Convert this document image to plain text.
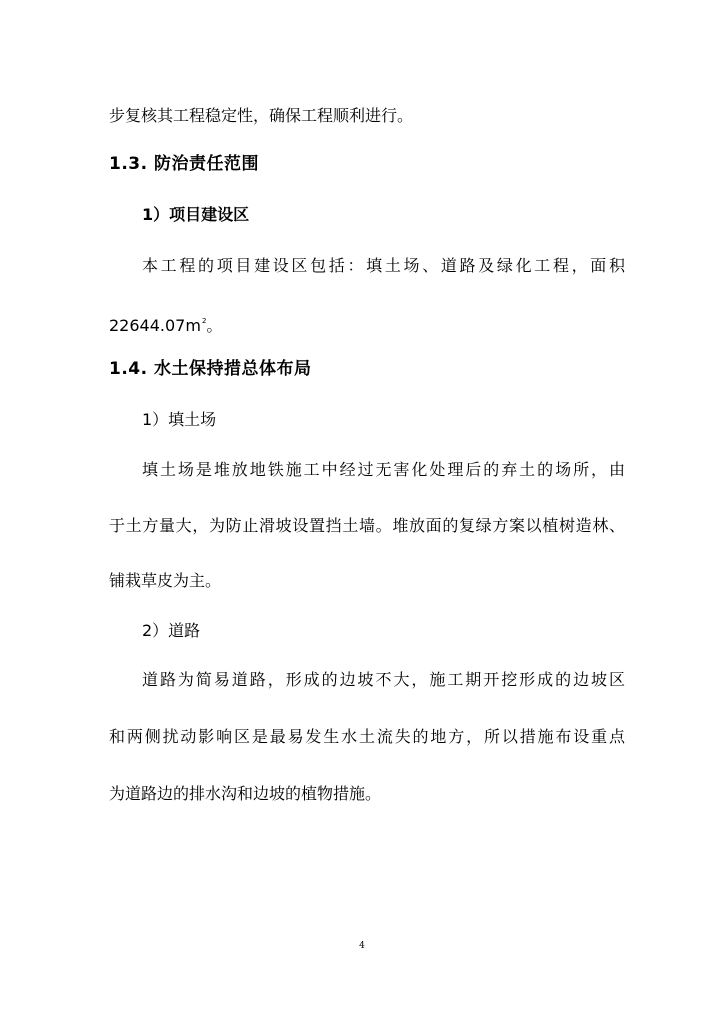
步复核其工程稳定性，确保工程顺利进行。
1.3. 防治责任范围
1）项目建设区
本工程的项目建设区包括：填土场、道路及绿化工程，面积
$22644.07m^2$。
1.4. 水土保持措总体布局
1）填土场
填土场是堆放地铁施工中经过无害化处理后的弃土的场所，由
于土方量大，为防止滑坡设置挡土墙。堆放面的复绿方案以植树造林、
铺栽草皮为主。
2）道路
道路为简易道路，形成的边坡不大，施工期开挖形成的边坡区
和两侧扰动影响区是最易发生水土流失的地方，所以措施布设重点
为道路边的排水沟和边坡的植物措施。
4
